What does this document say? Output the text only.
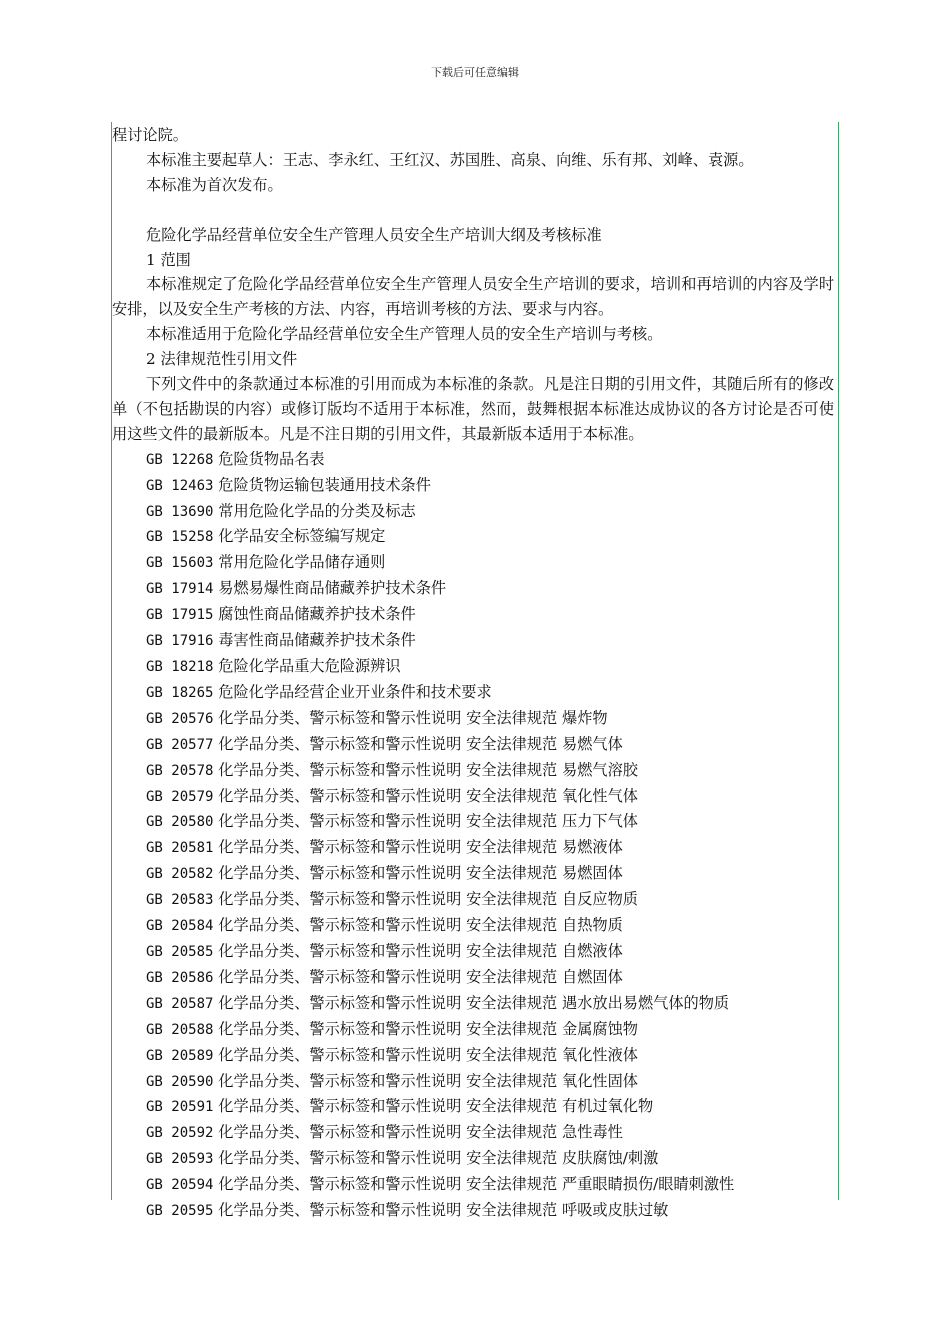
下载后可任意编辑

程讨论院。

本标准主要起草人：王志、李永红、王红汉、苏国胜、高泉、向维、乐有邦、刘峰、袁源。

本标准为首次发布。

危险化学品经营单位安全生产管理人员安全生产培训大纲及考核标准

1 范围

本标准规定了危险化学品经营单位安全生产管理人员安全生产培训的要求，培训和再培训的内容及学时安排，以及安全生产考核的方法、内容，再培训考核的方法、要求与内容。

本标准适用于危险化学品经营单位安全生产管理人员的安全生产培训与考核。

2 法律规范性引用文件

下列文件中的条款通过本标准的引用而成为本标准的条款。凡是注日期的引用文件，其随后所有的修改单（不包括勘误的内容）或修订版均不适用于本标准，然而，鼓舞根据本标准达成协议的各方讨论是否可使用这些文件的最新版本。凡是不注日期的引用文件，其最新版本适用于本标准。

GB 12268 危险货物品名表

GB 12463 危险货物运输包装通用技术条件

GB 13690 常用危险化学品的分类及标志

GB 15258 化学品安全标签编写规定

GB 15603 常用危险化学品储存通则

GB 17914 易燃易爆性商品储藏养护技术条件

GB 17915 腐蚀性商品储藏养护技术条件

GB 17916 毒害性商品储藏养护技术条件

GB 18218 危险化学品重大危险源辨识

GB 18265 危险化学品经营企业开业条件和技术要求

GB 20576 化学品分类、警示标签和警示性说明 安全法律规范 爆炸物

GB 20577 化学品分类、警示标签和警示性说明 安全法律规范 易燃气体

GB 20578 化学品分类、警示标签和警示性说明 安全法律规范 易燃气溶胶

GB 20579 化学品分类、警示标签和警示性说明 安全法律规范 氧化性气体

GB 20580 化学品分类、警示标签和警示性说明 安全法律规范 压力下气体

GB 20581 化学品分类、警示标签和警示性说明 安全法律规范 易燃液体

GB 20582 化学品分类、警示标签和警示性说明 安全法律规范 易燃固体

GB 20583 化学品分类、警示标签和警示性说明 安全法律规范 自反应物质

GB 20584 化学品分类、警示标签和警示性说明 安全法律规范 自热物质

GB 20585 化学品分类、警示标签和警示性说明 安全法律规范 自燃液体

GB 20586 化学品分类、警示标签和警示性说明 安全法律规范 自燃固体

GB 20587 化学品分类、警示标签和警示性说明 安全法律规范 遇水放出易燃气体的物质

GB 20588 化学品分类、警示标签和警示性说明 安全法律规范 金属腐蚀物

GB 20589 化学品分类、警示标签和警示性说明 安全法律规范 氧化性液体

GB 20590 化学品分类、警示标签和警示性说明 安全法律规范 氧化性固体

GB 20591 化学品分类、警示标签和警示性说明 安全法律规范 有机过氧化物

GB 20592 化学品分类、警示标签和警示性说明 安全法律规范 急性毒性

GB 20593 化学品分类、警示标签和警示性说明 安全法律规范 皮肤腐蚀/刺激

GB 20594 化学品分类、警示标签和警示性说明 安全法律规范 严重眼睛损伤/眼睛刺激性

GB 20595 化学品分类、警示标签和警示性说明 安全法律规范 呼吸或皮肤过敏
